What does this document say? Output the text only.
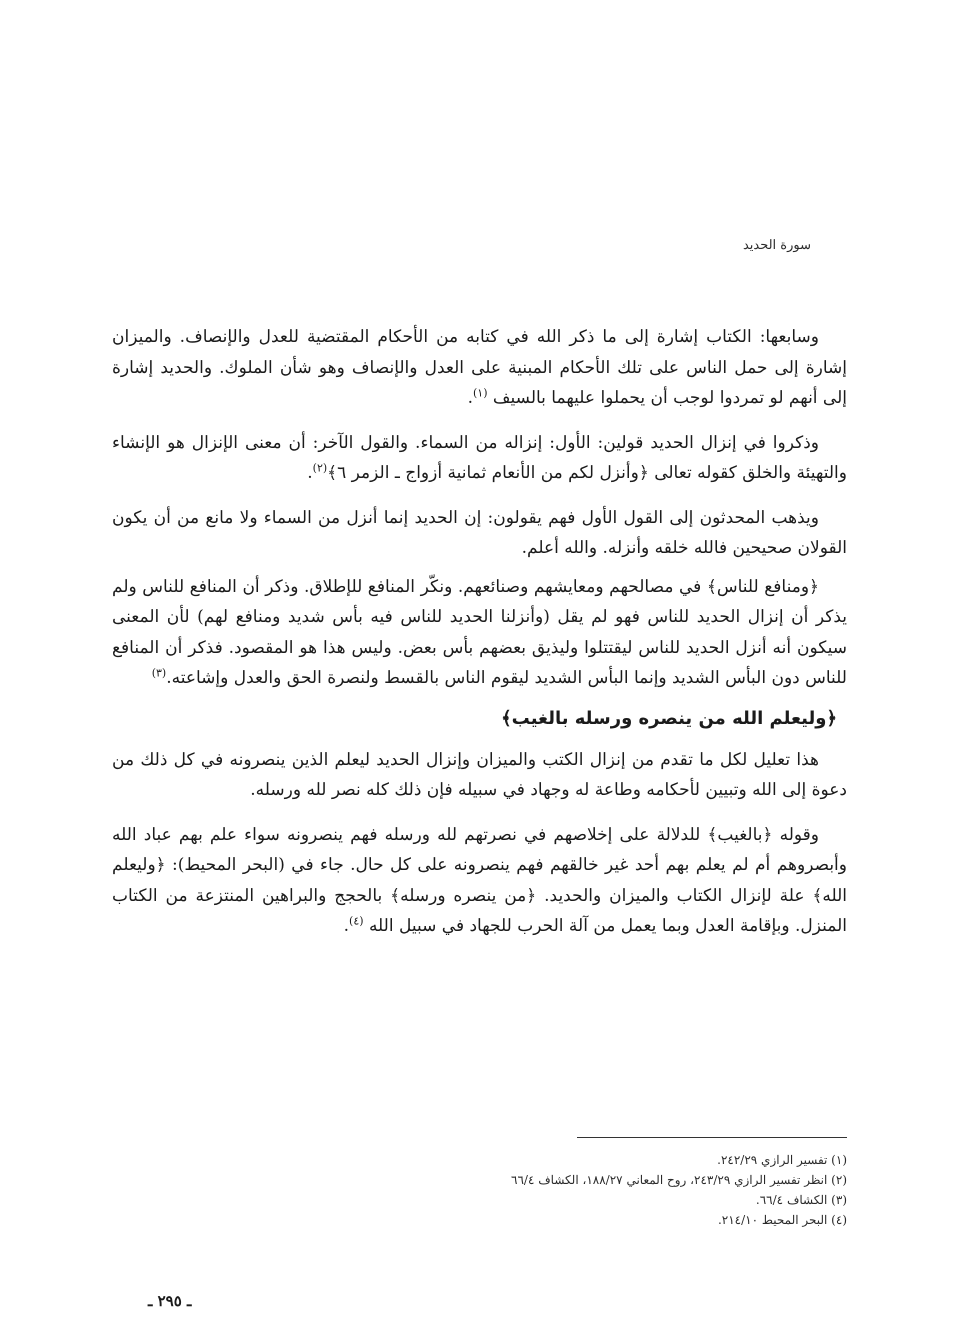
سورة الحديد

وسابعها: الكتاب إشارة إلى ما ذكر الله في كتابه من الأحكام المقتضية للعدل والإنصاف. والميزان إشارة إلى حمل الناس على تلك الأحكام المبنية على العدل والإنصاف وهو شأن الملوك. والحديد إشارة إلى أنهم لو تمردوا لوجب أن يحملوا عليهما بالسيف $^{(١)}$.

وذكروا في إنزال الحديد قولين: الأول: إنزاله من السماء. والقول الآخر: أن معنى الإنزال هو الإنشاء والتهيئة والخلق كقوله تعالى ﴿وأنزل لكم من الأنعام ثمانية أزواج ـ الزمر ٦﴾$^{(٢)}$.

ويذهب المحدثون إلى القول الأول فهم يقولون: إن الحديد إنما أنزل من السماء ولا مانع من أن يكون القولان صحيحين فالله خلقه وأنزله. والله أعلم.

﴿ومنافع للناس﴾ في مصالحهم ومعايشهم وصنائعهم. ونكّر المنافع للإطلاق. وذكر أن المنافع للناس ولم يذكر أن إنزال الحديد للناس فهو لم يقل (وأنزلنا الحديد للناس فيه بأس شديد ومنافع لهم) لأن المعنى سيكون أنه أنزل الحديد للناس ليقتتلوا وليذيق بعضهم بأس بعض. وليس هذا هو المقصود. فذكر أن المنافع للناس دون البأس الشديد وإنما البأس الشديد ليقوم الناس بالقسط ولنصرة الحق والعدل وإشاعته.$^{(٣)}$

﴿وليعلم الله من ينصره ورسله بالغيب﴾

هذا تعليل لكل ما تقدم من إنزال الكتب والميزان وإنزال الحديد ليعلم الذين ينصرونه في كل ذلك من دعوة إلى الله وتبيين لأحكامه وطاعة له وجهاد في سبيله فإن ذلك كله نصر لله ورسله.

وقوله ﴿بالغيب﴾ للدلالة على إخلاصهم في نصرتهم لله ورسله فهم ينصرونه سواء علم بهم عباد الله وأبصروهم أم لم يعلم بهم أحد غير خالقهم فهم ينصرونه على كل حال. جاء في (البحر المحيط): ﴿وليعلم الله﴾ علة لإنزال الكتاب والميزان والحديد. ﴿من ينصره ورسله﴾ بالحجج والبراهين المنتزعة من الكتاب المنزل. وبإقامة العدل وبما يعمل من آلة الحرب للجهاد في سبيل الله $^{(٤)}$.

(١) تفسير الرازي ٢٤٢/٢٩.

(٢) انظر تفسير الرازي ٢٤٣/٢٩، روح المعاني ١٨٨/٢٧، الكشاف ٦٦/٤

(٣) الكشاف ٦٦/٤.

(٤) البحر المحيط ٢١٤/١٠.

ـ ٢٩٥ ـ
